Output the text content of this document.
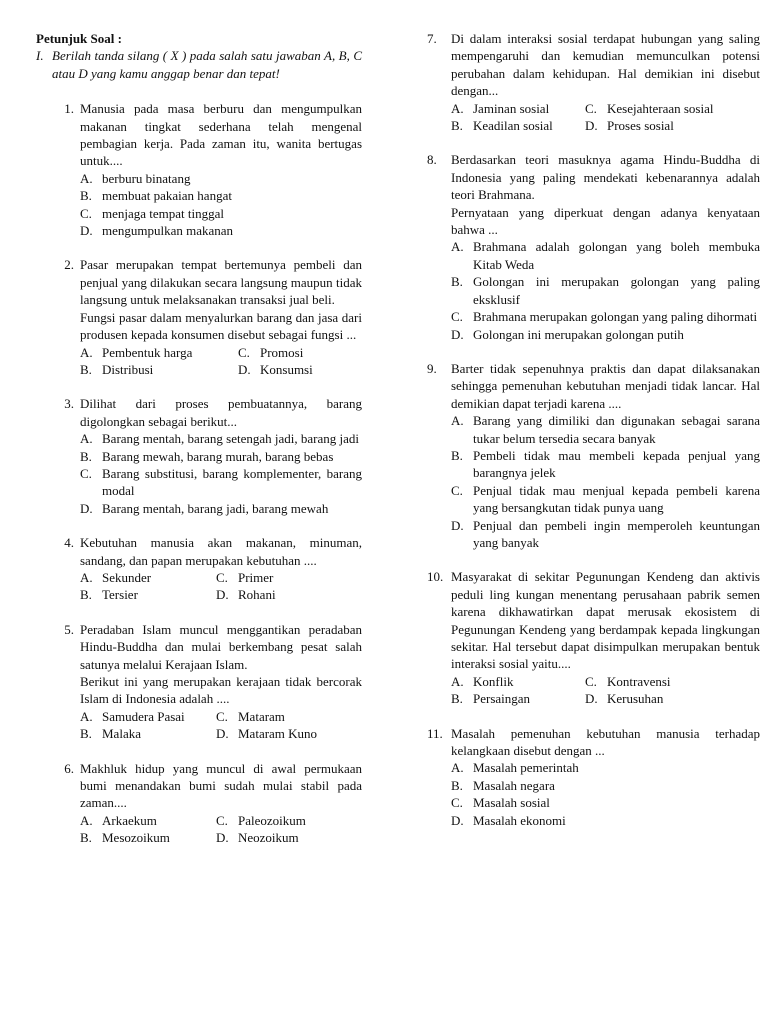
Petunjuk Soal :

I. Berilah tanda silang ( X ) pada salah satu jawaban A, B, C atau D yang kamu anggap benar dan tepat!
1. Manusia pada masa berburu dan mengumpulkan makanan tingkat sederhana telah mengenal pembagian kerja. Pada zaman itu, wanita bertugas untuk....

A. berburu binatang
B. membuat pakaian hangat
C. menjaga tempat tinggal
D. mengumpulkan makanan
2. Pasar merupakan tempat bertemunya pembeli dan penjual yang dilakukan secara langsung maupun tidak langsung untuk melaksanakan transaksi jual beli.

Fungsi pasar dalam menyalurkan barang dan jasa dari produsen kepada konsumen disebut sebagai fungsi ...

A. Pembentuk harga	C. Promosi
B. Distribusi	D. Konsumsi
3. Dilihat dari proses pembuatannya, barang digolongkan sebagai berikut...

A. Barang mentah, barang setengah jadi, barang jadi
B. Barang mewah, barang murah, barang bebas
C. Barang substitusi, barang komplementer, barang modal
D. Barang mentah, barang jadi, barang mewah
4. Kebutuhan manusia akan makanan, minuman, sandang, dan papan merupakan kebutuhan ....

A. Sekunder	C. Primer
B. Tersier	D. Rohani
5. Peradaban Islam muncul menggantikan peradaban Hindu-Buddha dan mulai berkembang pesat salah satunya melalui Kerajaan Islam.

Berikut ini yang merupakan kerajaan tidak bercorak Islam di Indonesia adalah ....

A. Samudera Pasai C. Mataram
B. Malaka	D. Mataram Kuno
6. Makhluk hidup yang muncul di awal permukaan bumi menandakan bumi sudah mulai stabil pada zaman....

A. Arkaekum	C. Paleozoikum
B. Mesozoikum	D. Neozoikum
7.	Di dalam interaksi sosial terdapat hubungan yang saling mempengaruhi dan kemudian memunculkan potensi perubahan dalam kehidupan. Hal demikian ini disebut dengan...

A. Jaminan sosial	C. Kesejahteraan sosial
B. Keadilan sosial D. Proses sosial
8.	Berdasarkan teori masuknya agama Hindu-Buddha di Indonesia yang paling mendekati kebenarannya adalah teori Brahmana.

Pernyataan yang diperkuat dengan adanya kenyataan bahwa ...

A. Brahmana adalah golongan yang boleh membuka Kitab Weda
B. Golongan ini merupakan golongan yang paling eksklusif
C. Brahmana merupakan golongan yang paling dihormati
D. Golongan ini merupakan golongan putih
9.	Barter tidak sepenuhnya praktis dan dapat dilaksanakan sehingga pemenuhan kebutuhan menjadi tidak lancar. Hal demikian dapat terjadi karena ....

A. Barang yang dimiliki dan digunakan sebagai sarana tukar belum tersedia secara banyak
B. Pembeli tidak mau membeli kepada penjual yang barangnya jelek
C. Penjual tidak mau menjual kepada pembeli karena yang bersangkutan tidak punya uang
D. Penjual dan pembeli ingin memperoleh keuntungan yang banyak
10. Masyarakat di sekitar Pegunungan Kendeng dan aktivis peduli ling kungan menentang perusahaan pabrik semen karena dikhawatirkan dapat merusak ekosistem di Pegunungan Kendeng yang berdampak kepada lingkungan sekitar. Hal tersebut dapat disimpulkan merupakan bentuk interaksi sosial yaitu....

A. Konflik	C. Kontravensi
B. Persaingan	D. Kerusuhan
11. Masalah pemenuhan kebutuhan manusia terhadap kelangkaan disebut dengan ...

A. Masalah pemerintah
B. Masalah negara
C. Masalah sosial
D. Masalah ekonomi
